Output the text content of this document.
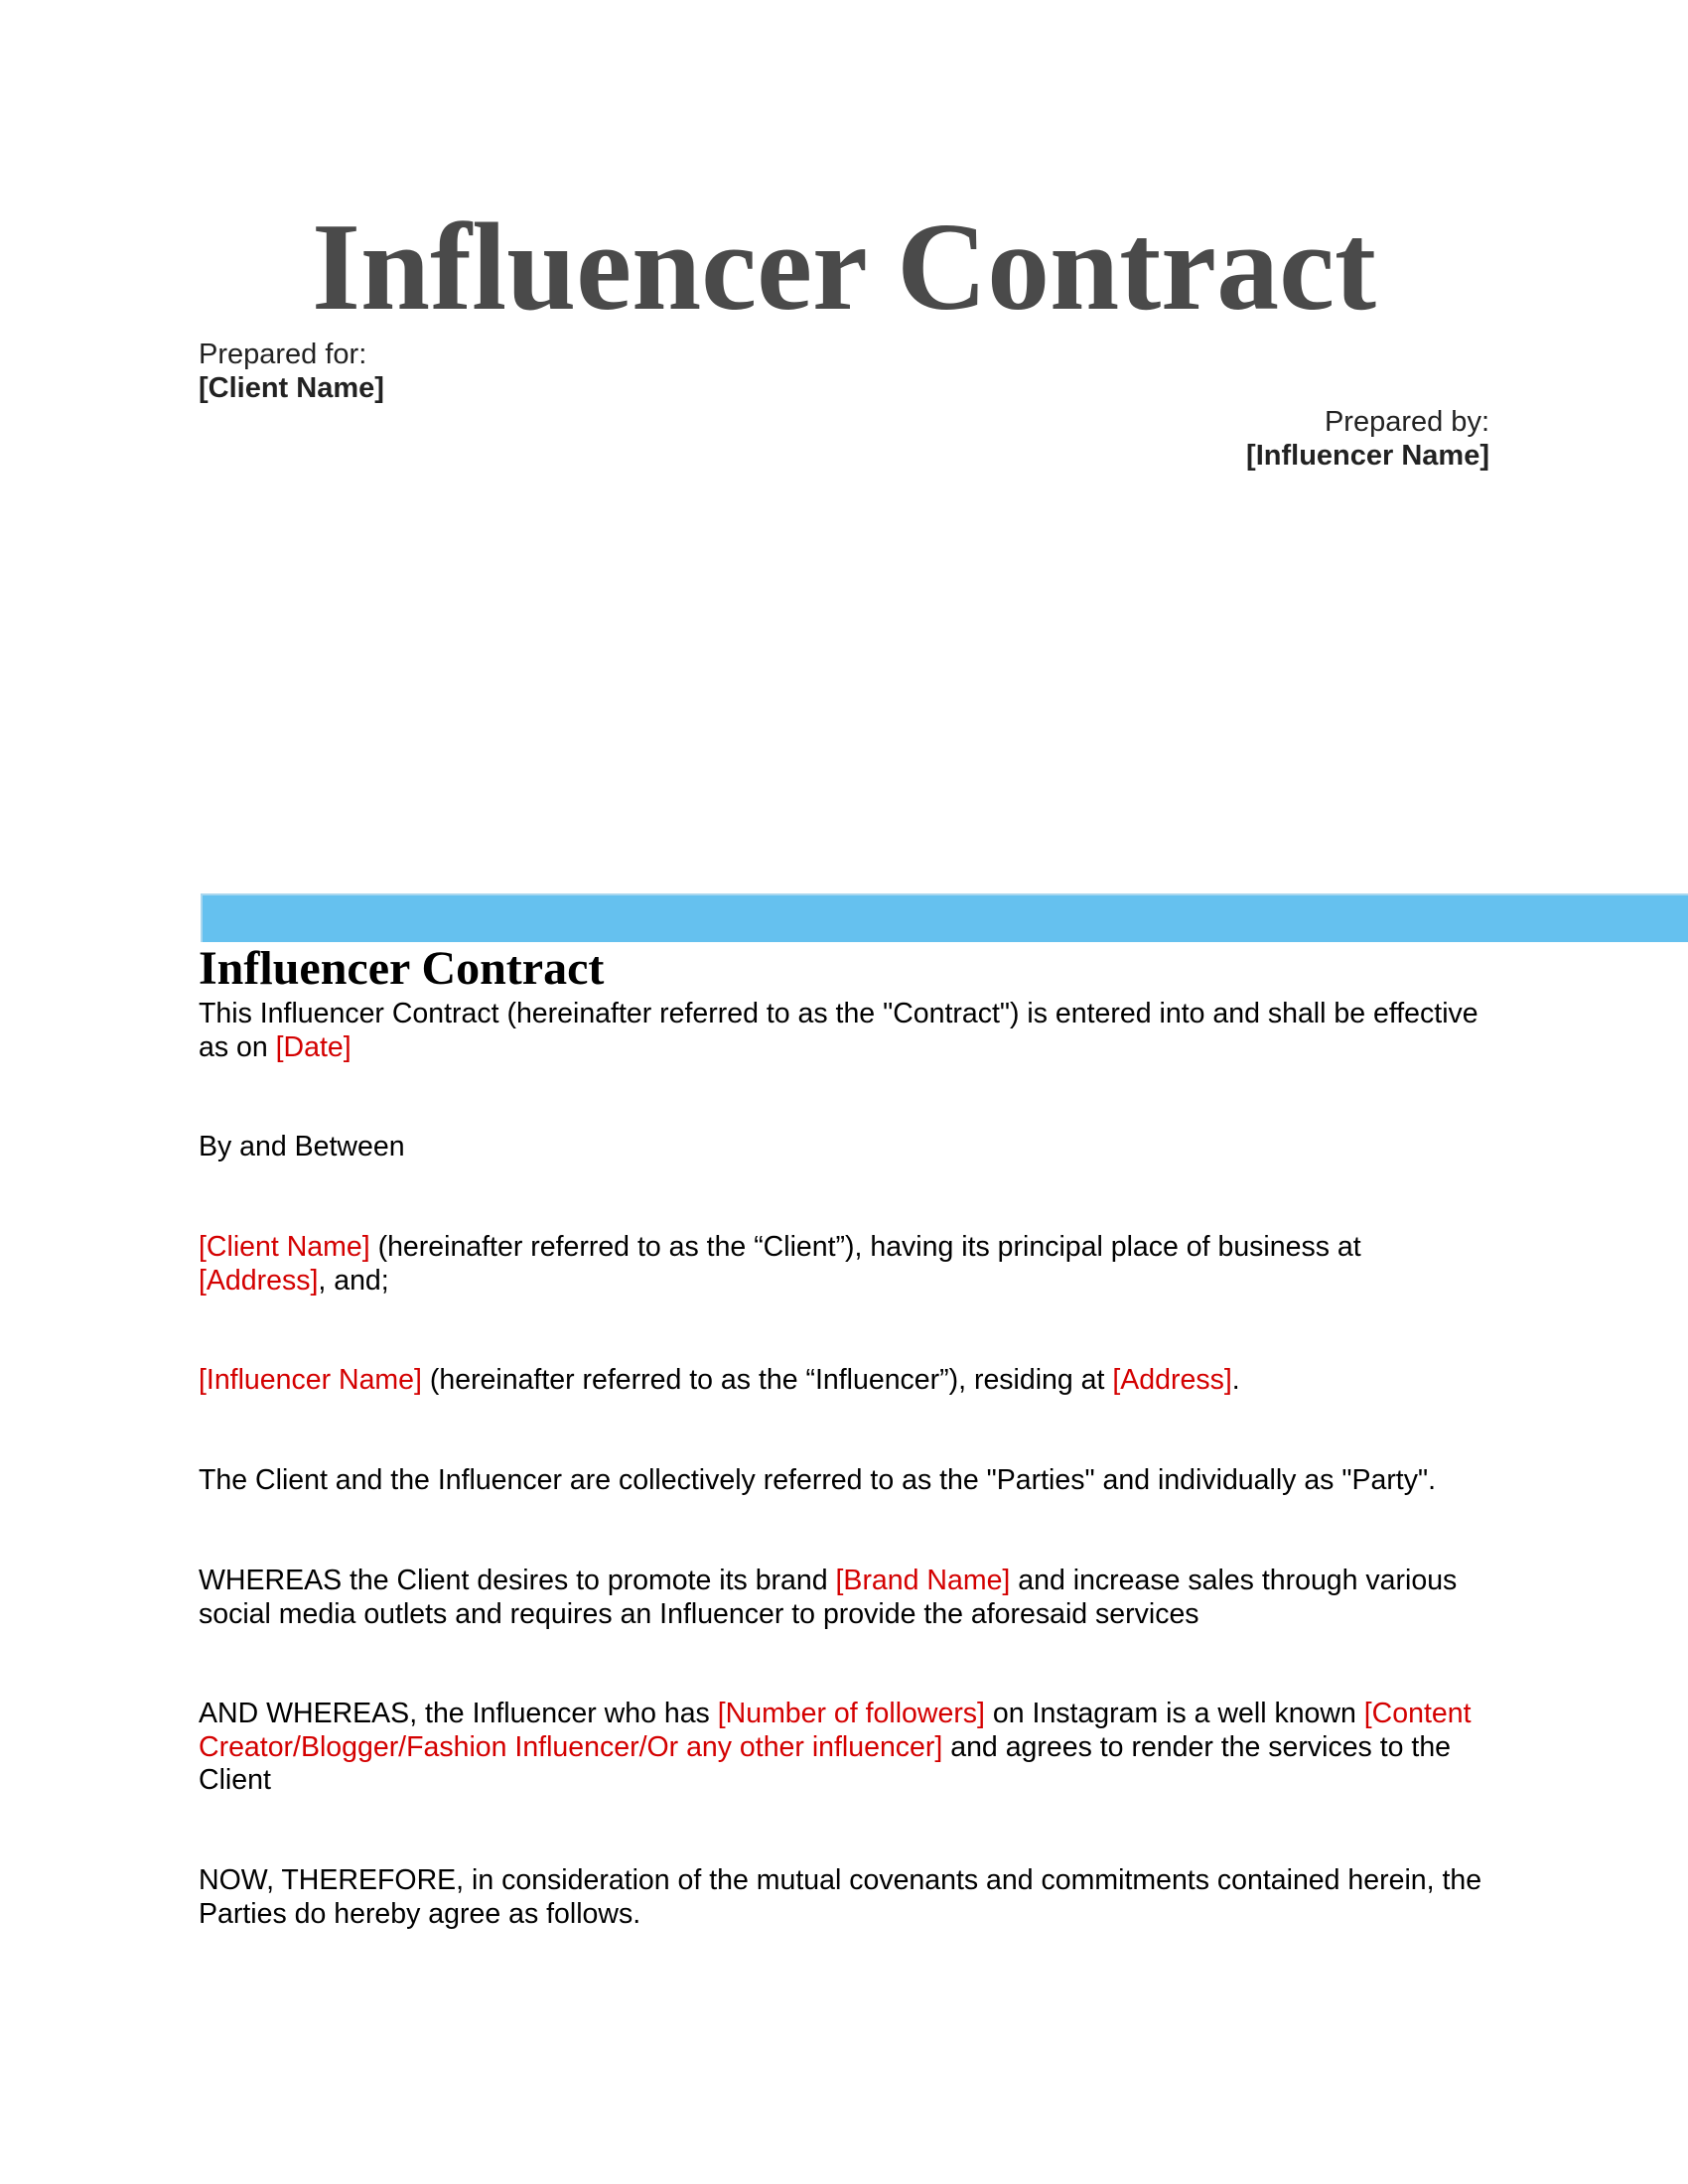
Influencer Contract
Prepared for:
[Client Name]
Prepared by:
[Influencer Name]
Influencer Contract

This Influencer Contract (hereinafter referred to as the "Contract") is entered into and shall be effective as on [Date]

By and Between

[Client Name] (hereinafter referred to as the “Client”), having its principal place of business at [Address], and;

[Influencer Name] (hereinafter referred to as the “Influencer”), residing at [Address].

The Client and the Influencer are collectively referred to as the "Parties" and individually as "Party".

WHEREAS the Client desires to promote its brand [Brand Name] and increase sales through various social media outlets and requires an Influencer to provide the aforesaid services

AND WHEREAS, the Influencer who has [Number of followers] on Instagram is a well known [Content Creator/Blogger/Fashion Influencer/Or any other influencer] and agrees to render the services to the Client

NOW, THEREFORE, in consideration of the mutual covenants and commitments contained herein, the Parties do hereby agree as follows.
